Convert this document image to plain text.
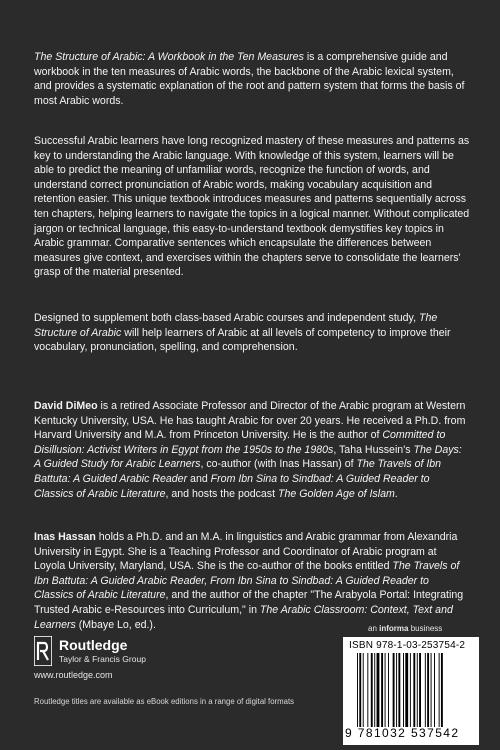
The Structure of Arabic: A Workbook in the Ten Measures is a comprehensive guide and workbook in the ten measures of Arabic words, the backbone of the Arabic lexical system, and provides a systematic explanation of the root and pattern system that forms the basis of most Arabic words.

Successful Arabic learners have long recognized mastery of these measures and patterns as key to understanding the Arabic language. With knowledge of this system, learners will be able to predict the meaning of unfamiliar words, recognize the function of words, and understand correct pronunciation of Arabic words, making vocabulary acquisition and retention easier. This unique textbook introduces measures and patterns sequentially across ten chapters, helping learners to navigate the topics in a logical manner. Without complicated jargon or technical language, this easy-to-understand textbook demystifies key topics in Arabic grammar. Comparative sentences which encapsulate the differences between measures give context, and exercises within the chapters serve to consolidate the learners' grasp of the material presented.

Designed to supplement both class-based Arabic courses and independent study, The Structure of Arabic will help learners of Arabic at all levels of competency to improve their vocabulary, pronunciation, spelling, and comprehension.

David DiMeo is a retired Associate Professor and Director of the Arabic program at Western Kentucky University, USA. He has taught Arabic for over 20 years. He received a Ph.D. from Harvard University and M.A. from Princeton University. He is the author of Committed to Disillusion: Activist Writers in Egypt from the 1950s to the 1980s, Taha Hussein's The Days: A Guided Study for Arabic Learners, co-author (with Inas Hassan) of The Travels of Ibn Battuta: A Guided Arabic Reader and From Ibn Sina to Sindbad: A Guided Reader to Classics of Arabic Literature, and hosts the podcast The Golden Age of Islam.

Inas Hassan holds a Ph.D. and an M.A. in linguistics and Arabic grammar from Alexandria University in Egypt. She is a Teaching Professor and Coordinator of Arabic program at Loyola University, Maryland, USA. She is the co-author of the books entitled The Travels of Ibn Battuta: A Guided Arabic Reader, From Ibn Sina to Sindbad: A Guided Reader to Classics of Arabic Literature, and the author of the chapter "The Arabyola Portal: Integrating Trusted Arabic e-Resources into Curriculum," in The Arabic Classroom: Context, Text and Learners (Mbaye Lo, ed.).	an informa business
Routledge
Taylor & Francis Group
www.routledge.com
Routledge titles are available as eBook editions in a range of digital formats
ISBN 978-1-03-253754-2
9 781032 537542
